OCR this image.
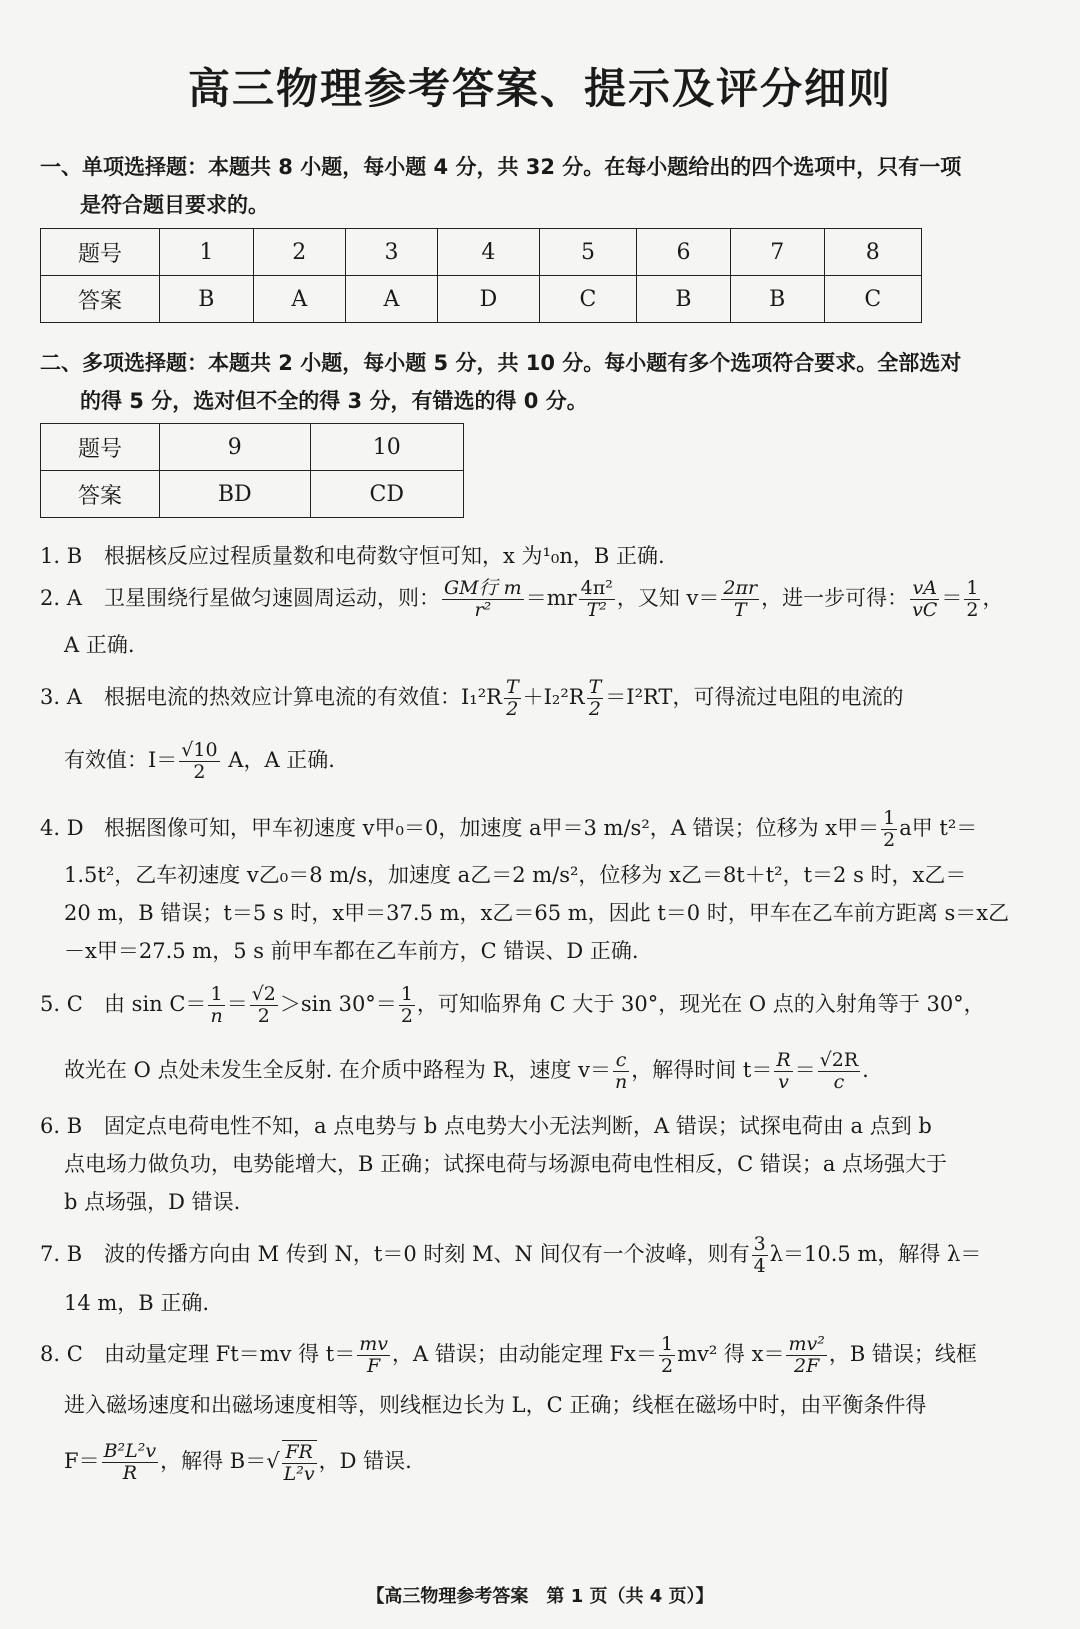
高三物理参考答案、提示及评分细则
一、单项选择题：本题共 8 小题，每小题 4 分，共 32 分。在每小题给出的四个选项中，只有一项
是符合题目要求的。
题号	1	2	3	4	5	6	7	8
答案	B	A	A	D	C	B	B	C
二、多项选择题：本题共 2 小题，每小题 5 分，共 10 分。每小题有多个选项符合要求。全部选对
的得 5 分，选对但不全的得 3 分，有错选的得 0 分。
题号	9	10
答案	BD	CD
1. B 根据核反应过程质量数和电荷数守恒可知，x 为¹₀n，B 正确.
2. A 卫星围绕行星做匀速圆周运动，则： $\frac{\text{GM行 m}}{\text{r²}} =mr \frac{\text{4π²}}{\text{T²}}$ ，又知 $v= \frac{2\pi r}{T}$ ，进一步可得： $\frac{vA}{vC} = \frac{1}{2}$ ，
A 正确.
3. A 根据电流的热效应计算电流的有效值：$I_1^2R \frac{T}{2} +I_2^2R \frac{T}{2} =I^2RT$，可得流过电阻的电流的
有效值：$I= \frac{√10}{2}$ A，A 正确.
4. D 根据图像可知，甲车初速度 v甲₀＝0，加速度 a甲＝3 m/s²，A 错误；位移为 x甲＝ $\frac{1}{2}$ a甲 t²＝
1.5t²，乙车初速度 v乙₀＝8 m/s，加速度 a乙＝2 m/s²，位移为 x乙＝8t＋t²，t＝2 s 时，x乙＝
20 m，B 错误；t＝5 s 时，x甲＝37.5 m，x乙＝65 m，因此 t＝0 时，甲车在乙车前方距离 s＝x乙
－x甲＝27.5 m，5 s 前甲车都在乙车前方，C 错误、D 正确.
5. C 由 $\sin C= \frac{1}{n} = \frac{√2}{2} >\sin$ $30^\circ= \frac{1}{2}$ ，可知临界角 C 大于 30°，现光在 O 点的入射角等于 30°，
故光在 O 点处未发生全反射. 在介质中路程为 R，速度 $v= \frac{c}{n}$ ，解得时间 $t= \frac{R}{v} = \frac{√2R}{c}$ .
6. B 固定点电荷电性不知，a 点电势与 b 点电势大小无法判断，A 错误；试探电荷由 a 点到 b
点电场力做负功，电势能增大，B 正确；试探电荷与场源电荷电性相反，C 错误；a 点场强大于
b 点场强，D 错误.
7. B 波的传播方向由 M 传到 N，t＝0 时刻 M、N 间仅有一个波峰，则有 $\frac{3}{4} \lambda=10.5$ m，解得 λ＝
14 m，B 正确.
8. C 由动量定理 Ft＝mv 得 $t= \frac{mv}{F}$ ，A 错误；由动能定理 $Fx= \frac{1}{2} mv^2$ 得 $x= \frac{\text{mv²}}{2F}$ ，B 错误；线框
进入磁场速度和出磁场速度相等，则线框边长为 L，C 正确；线框在磁场中时，由平衡条件得
$F= \frac{\text{B²L²v}}{R}$ ，解得 $B=√ \frac{FR}{\text{L²v}}$ ，D 错误.
【高三物理参考答案　第 1 页（共 4 页）】
